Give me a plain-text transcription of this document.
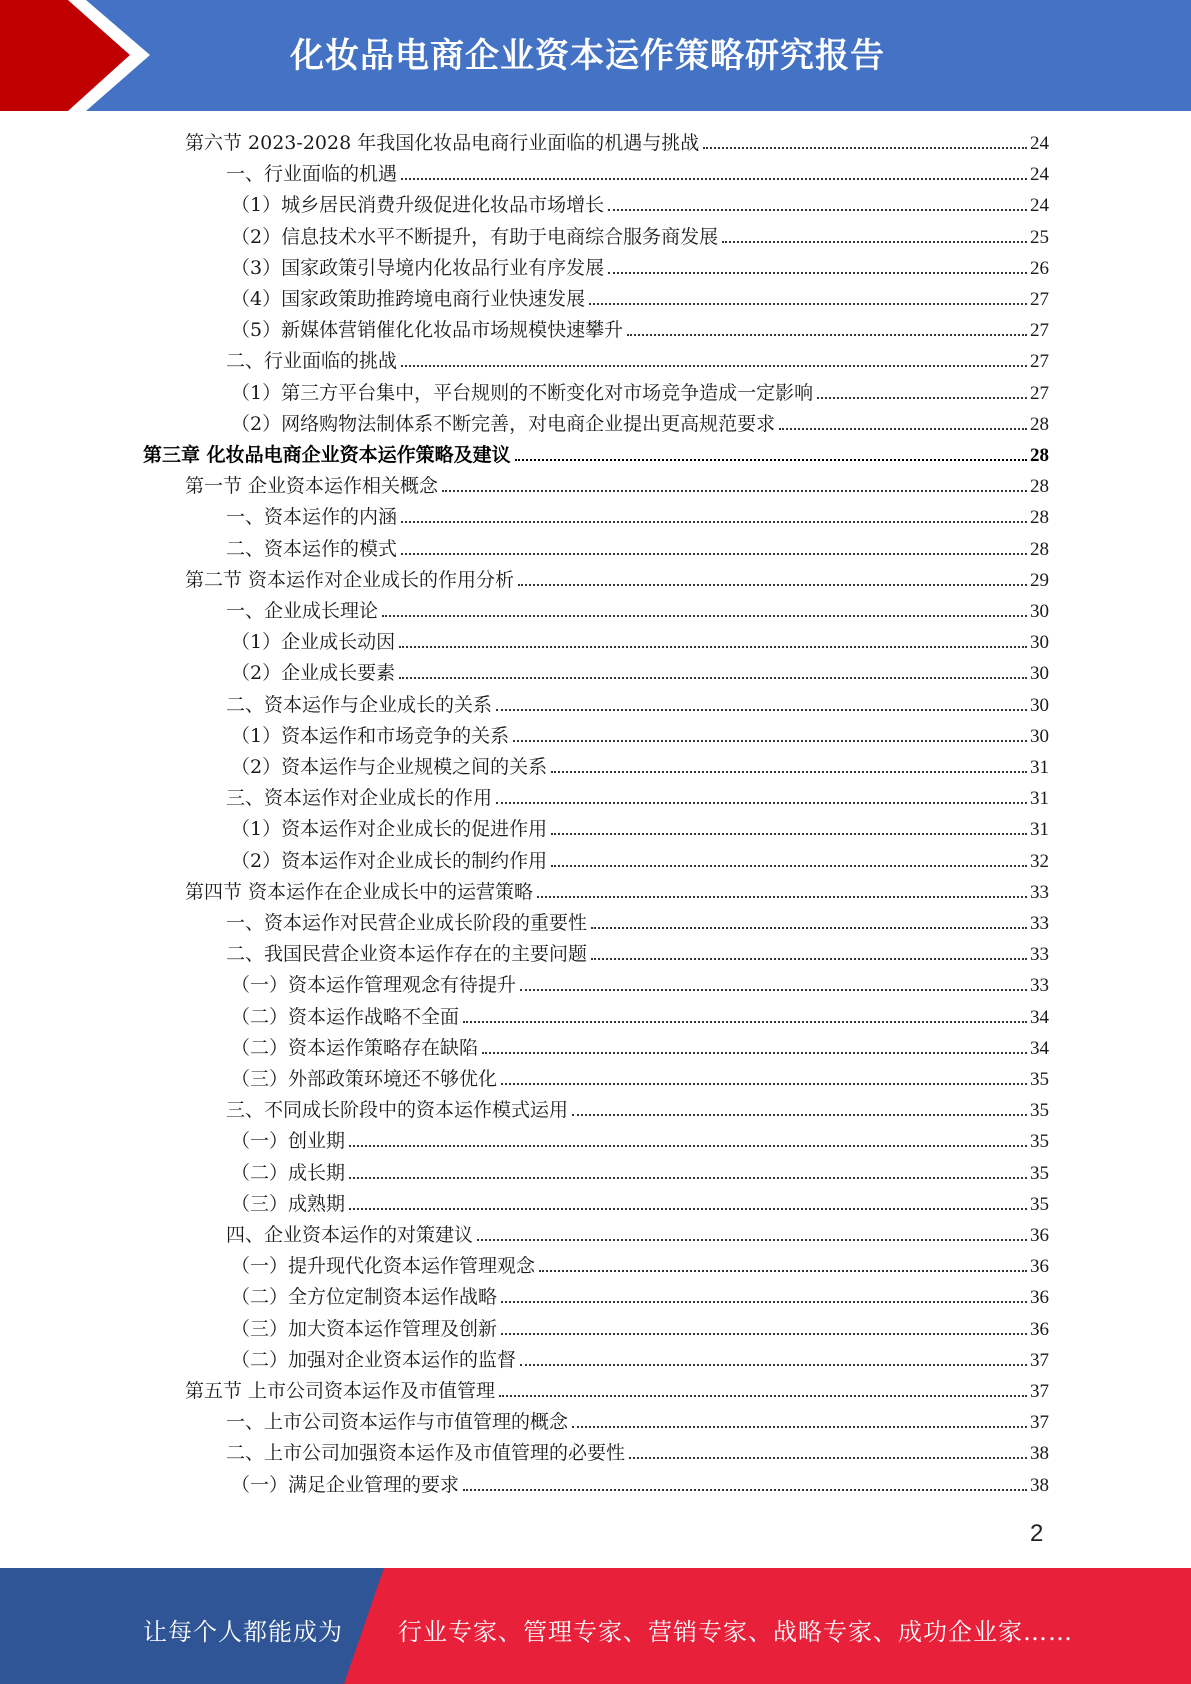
化妆品电商企业资本运作策略研究报告
第六节 2023-2028 年我国化妆品电商行业面临的机遇与挑战	24
一、行业面临的机遇	24
（1）城乡居民消费升级促进化妆品市场增长	24
（2）信息技术水平不断提升，有助于电商综合服务商发展	25
（3）国家政策引导境内化妆品行业有序发展	26
（4）国家政策助推跨境电商行业快速发展	27
（5）新媒体营销催化化妆品市场规模快速攀升	27
二、行业面临的挑战	27
（1）第三方平台集中，平台规则的不断变化对市场竞争造成一定影响	27
（2）网络购物法制体系不断完善，对电商企业提出更高规范要求	28
第三章 化妆品电商企业资本运作策略及建议	28
第一节 企业资本运作相关概念	28
一、资本运作的内涵	28
二、资本运作的模式	28
第二节 资本运作对企业成长的作用分析	29
一、企业成长理论	30
（1）企业成长动因	30
（2）企业成长要素	30
二、资本运作与企业成长的关系	30
（1）资本运作和市场竞争的关系	30
（2）资本运作与企业规模之间的关系	31
三、资本运作对企业成长的作用	31
（1）资本运作对企业成长的促进作用	31
（2）资本运作对企业成长的制约作用	32
第四节 资本运作在企业成长中的运营策略	33
一、资本运作对民营企业成长阶段的重要性	33
二、我国民营企业资本运作存在的主要问题	33
（一）资本运作管理观念有待提升	33
（二）资本运作战略不全面	34
（二）资本运作策略存在缺陷	34
（三）外部政策环境还不够优化	35
三、不同成长阶段中的资本运作模式运用	35
（一）创业期	35
（二）成长期	35
（三）成熟期	35
四、企业资本运作的对策建议	36
（一）提升现代化资本运作管理观念	36
（二）全方位定制资本运作战略	36
（三）加大资本运作管理及创新	36
（二）加强对企业资本运作的监督	37
第五节 上市公司资本运作及市值管理	37
一、上市公司资本运作与市值管理的概念	37
二、上市公司加强资本运作及市值管理的必要性	38
（一）满足企业管理的要求	38
2
让每个人都能成为 行业专家、管理专家、营销专家、战略专家、成功企业家……
